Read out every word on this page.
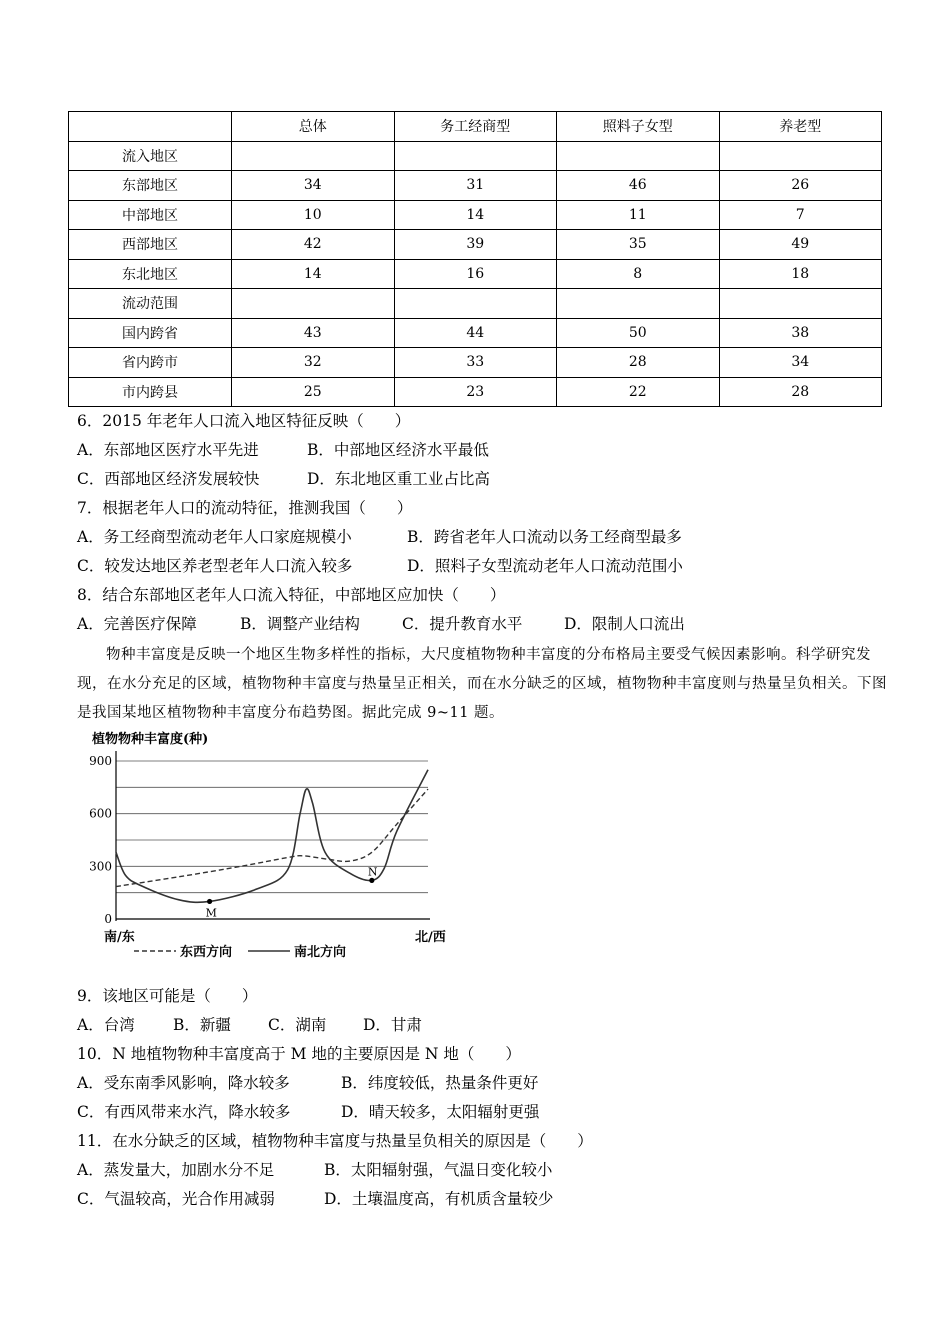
	总体	务工经商型	照料子女型	养老型
流入地区				
东部地区	34	31	46	26
中部地区	10	14	11	7
西部地区	42	39	35	49
东北地区	14	16	8	18
流动范围				
国内跨省	43	44	50	38
省内跨市	32	33	28	34
市内跨县	25	23	22	28
6．2015 年老年人口流入地区特征反映（　　）
A．东部地区医疗水平先进	B．中部地区经济水平最低
C．西部地区经济发展较快	D．东北地区重工业占比高
7．根据老年人口的流动特征，推测我国（　　）
A．务工经商型流动老年人口家庭规模小	B．跨省老年人口流动以务工经商型最多
C．较发达地区养老型老年人口流入较多	D．照料子女型流动老年人口流动范围小
8．结合东部地区老年人口流入特征，中部地区应加快（　　）
A．完善医疗保障	B．调整产业结构	C．提升教育水平	D．限制人口流出
物种丰富度是反映一个地区生物多样性的指标，大尺度植物物种丰富度的分布格局主要受气候因素影响。科学研究发现，在水分充足的区域，植物物种丰富度与热量呈正相关，而在水分缺乏的区域，植物物种丰富度则与热量呈负相关。下图是我国某地区植物物种丰富度分布趋势图。据此完成 9~11 题。
植物物种丰富度(种)
0
300
600
900
M
N
南/东	北/西
东西方向	南北方向
9．该地区可能是（　　）
A．台湾 B．新疆 C．湖南 D．甘肃
10．N 地植物物种丰富度高于 M 地的主要原因是 N 地（　　）
A．受东南季风影响，降水较多	B．纬度较低，热量条件更好
C．有西风带来水汽，降水较多	D．晴天较多，太阳辐射更强
11．在水分缺乏的区域，植物物种丰富度与热量呈负相关的原因是（　　）
A．蒸发量大，加剧水分不足	B．太阳辐射强，气温日变化较小
C．气温较高，光合作用减弱	D．土壤温度高，有机质含量较少
